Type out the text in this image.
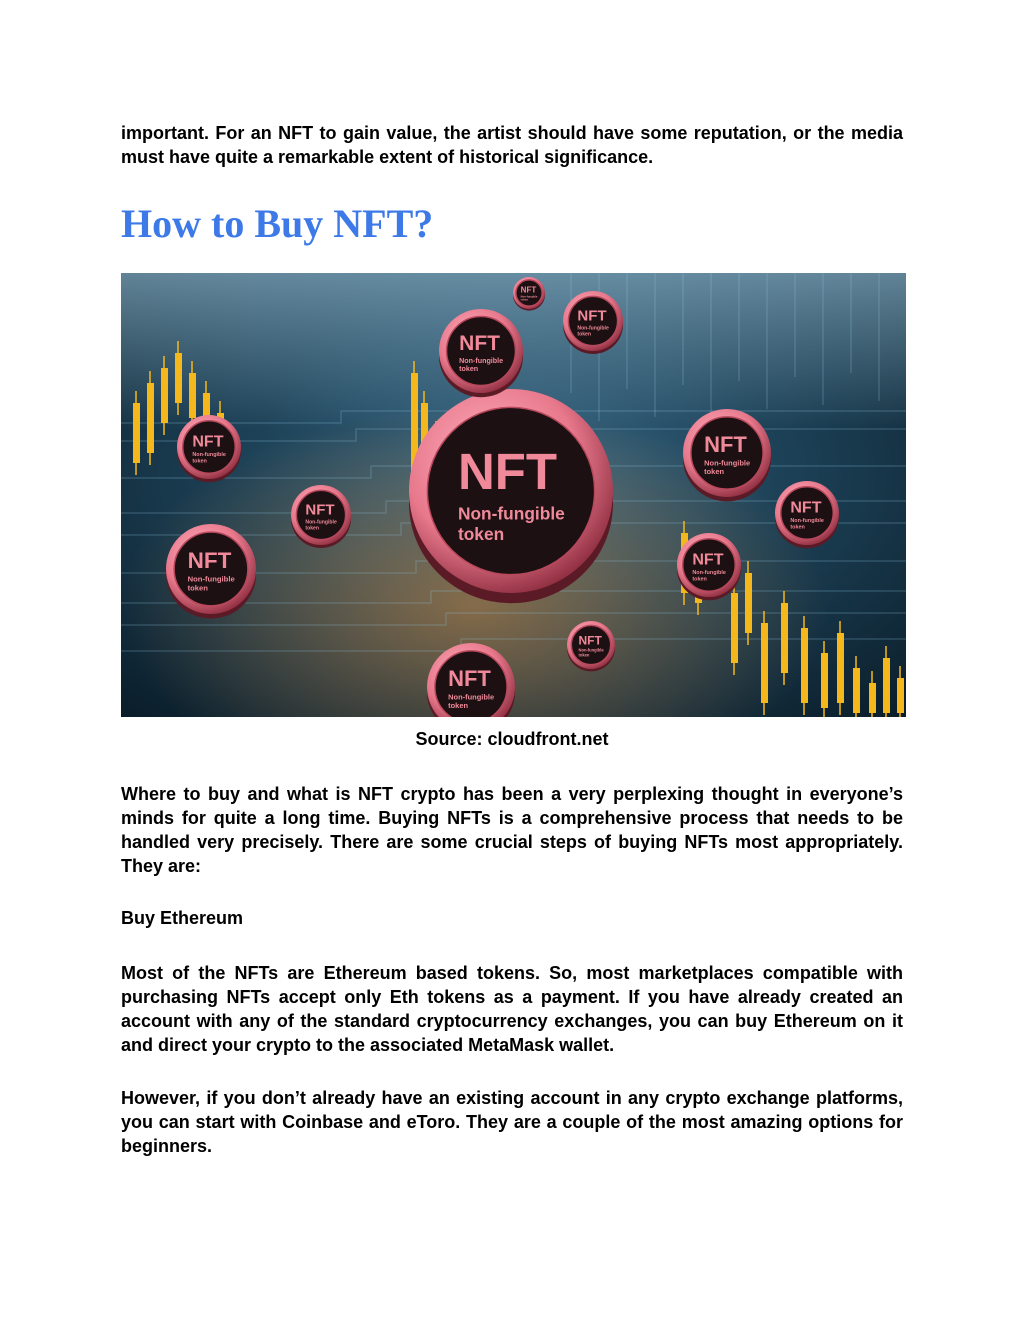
important. For an NFT to gain value, the artist should have some reputation, or the media must have quite a remarkable extent of historical significance.

How to Buy NFT?
NFT
Non-fungible
token
NFT
Non-fungible
token
NFT
Non-fungible
token
NFT
Non-fungible
token
NFT
Non-fungible
token
NFT
Non-fungible
token
NFT
Non-fungible
token
NFT
Non-fungible
token
NFT
Non-fungible
token
NFT
Non-fungible
token
NFT
Non-fungible
token
NFT
Non-fungible
token
Source: cloudfront.net

Where to buy and what is NFT crypto has been a very perplexing thought in everyone’s minds for quite a long time. Buying NFTs is a comprehensive process that needs to be handled very precisely. There are some crucial steps of buying NFTs most appropriately. They are:

Buy Ethereum

Most of the NFTs are Ethereum based tokens. So, most marketplaces compatible with purchasing NFTs accept only Eth tokens as a payment. If you have already created an account with any of the standard cryptocurrency exchanges, you can buy Ethereum on it and direct your crypto to the associated MetaMask wallet.

However, if you don’t already have an existing account in any crypto exchange platforms, you can start with Coinbase and eToro. They are a couple of the most amazing options for beginners.
